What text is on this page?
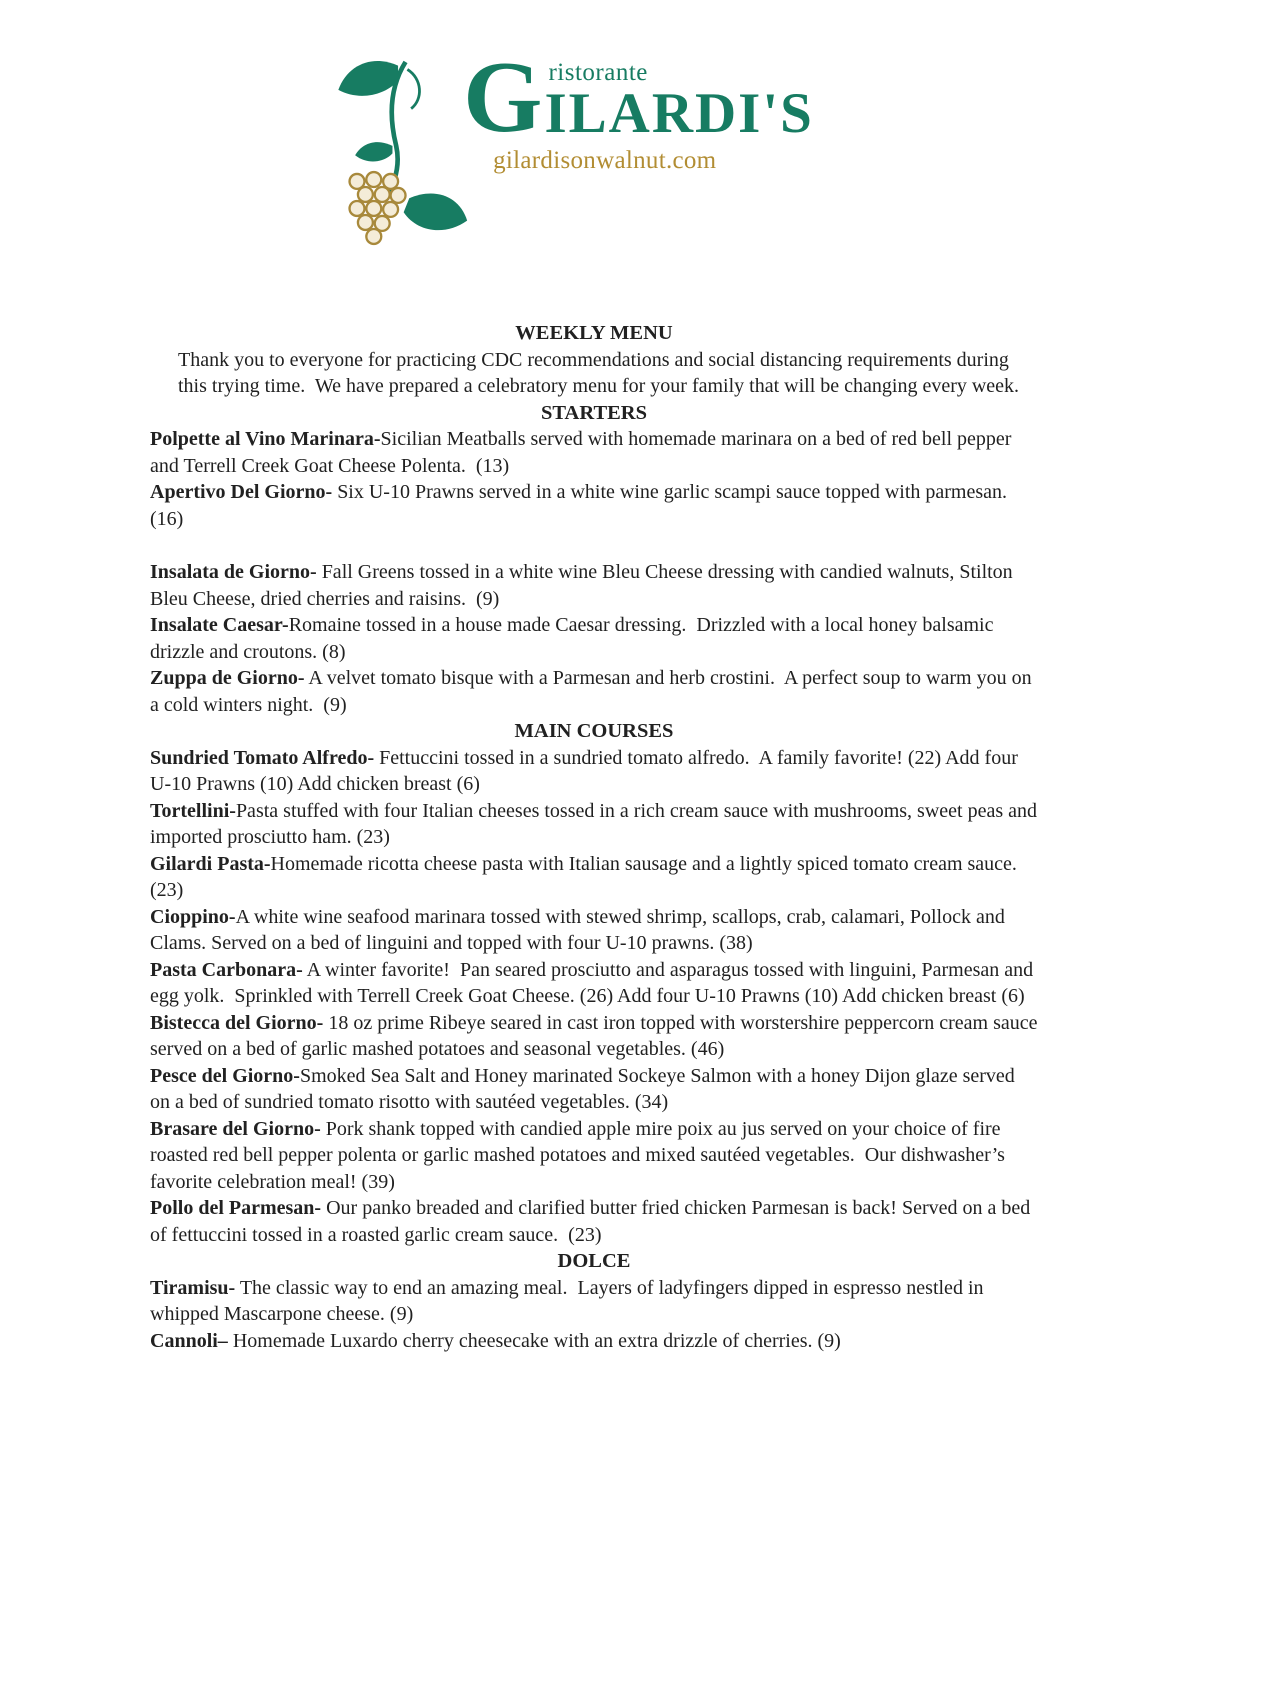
G ristorante
ILARDI'S
gilardisonwalnut.com

WEEKLY MENU

Thank you to everyone for practicing CDC recommendations and social distancing requirements during this trying time.  We have prepared a celebratory menu for your family that will be changing every week.

STARTERS

Polpette al Vino Marinara-Sicilian Meatballs served with homemade marinara on a bed of red bell pepper and Terrell Creek Goat Cheese Polenta.  (13)

Apertivo Del Giorno- Six U-10 Prawns served in a white wine garlic scampi sauce topped with parmesan. (16)

Insalata de Giorno- Fall Greens tossed in a white wine Bleu Cheese dressing with candied walnuts, Stilton Bleu Cheese, dried cherries and raisins.  (9)

Insalate Caesar-Romaine tossed in a house made Caesar dressing.  Drizzled with a local honey balsamic drizzle and croutons. (8)

Zuppa de Giorno- A velvet tomato bisque with a Parmesan and herb crostini.  A perfect soup to warm you on a cold winters night.  (9)

MAIN COURSES

Sundried Tomato Alfredo- Fettuccini tossed in a sundried tomato alfredo.  A family favorite! (22) Add four U-10 Prawns (10) Add chicken breast (6)

Tortellini-Pasta stuffed with four Italian cheeses tossed in a rich cream sauce with mushrooms, sweet peas and imported prosciutto ham. (23)

Gilardi Pasta-Homemade ricotta cheese pasta with Italian sausage and a lightly spiced tomato cream sauce. (23)

Cioppino-A white wine seafood marinara tossed with stewed shrimp, scallops, crab, calamari, Pollock and Clams. Served on a bed of linguini and topped with four U-10 prawns. (38)

Pasta Carbonara- A winter favorite!  Pan seared prosciutto and asparagus tossed with linguini, Parmesan and egg yolk.  Sprinkled with Terrell Creek Goat Cheese. (26) Add four U-10 Prawns (10) Add chicken breast (6)

Bistecca del Giorno- 18 oz prime Ribeye seared in cast iron topped with worstershire peppercorn cream sauce served on a bed of garlic mashed potatoes and seasonal vegetables. (46)

Pesce del Giorno-Smoked Sea Salt and Honey marinated Sockeye Salmon with a honey Dijon glaze served on a bed of sundried tomato risotto with sautéed vegetables. (34)

Brasare del Giorno- Pork shank topped with candied apple mire poix au jus served on your choice of fire roasted red bell pepper polenta or garlic mashed potatoes and mixed sautéed vegetables.  Our dishwasher’s favorite celebration meal! (39)

Pollo del Parmesan- Our panko breaded and clarified butter fried chicken Parmesan is back! Served on a bed of fettuccini tossed in a roasted garlic cream sauce.  (23)

DOLCE

Tiramisu- The classic way to end an amazing meal.  Layers of ladyfingers dipped in espresso nestled in whipped Mascarpone cheese. (9)

Cannoli– Homemade Luxardo cherry cheesecake with an extra drizzle of cherries. (9)
